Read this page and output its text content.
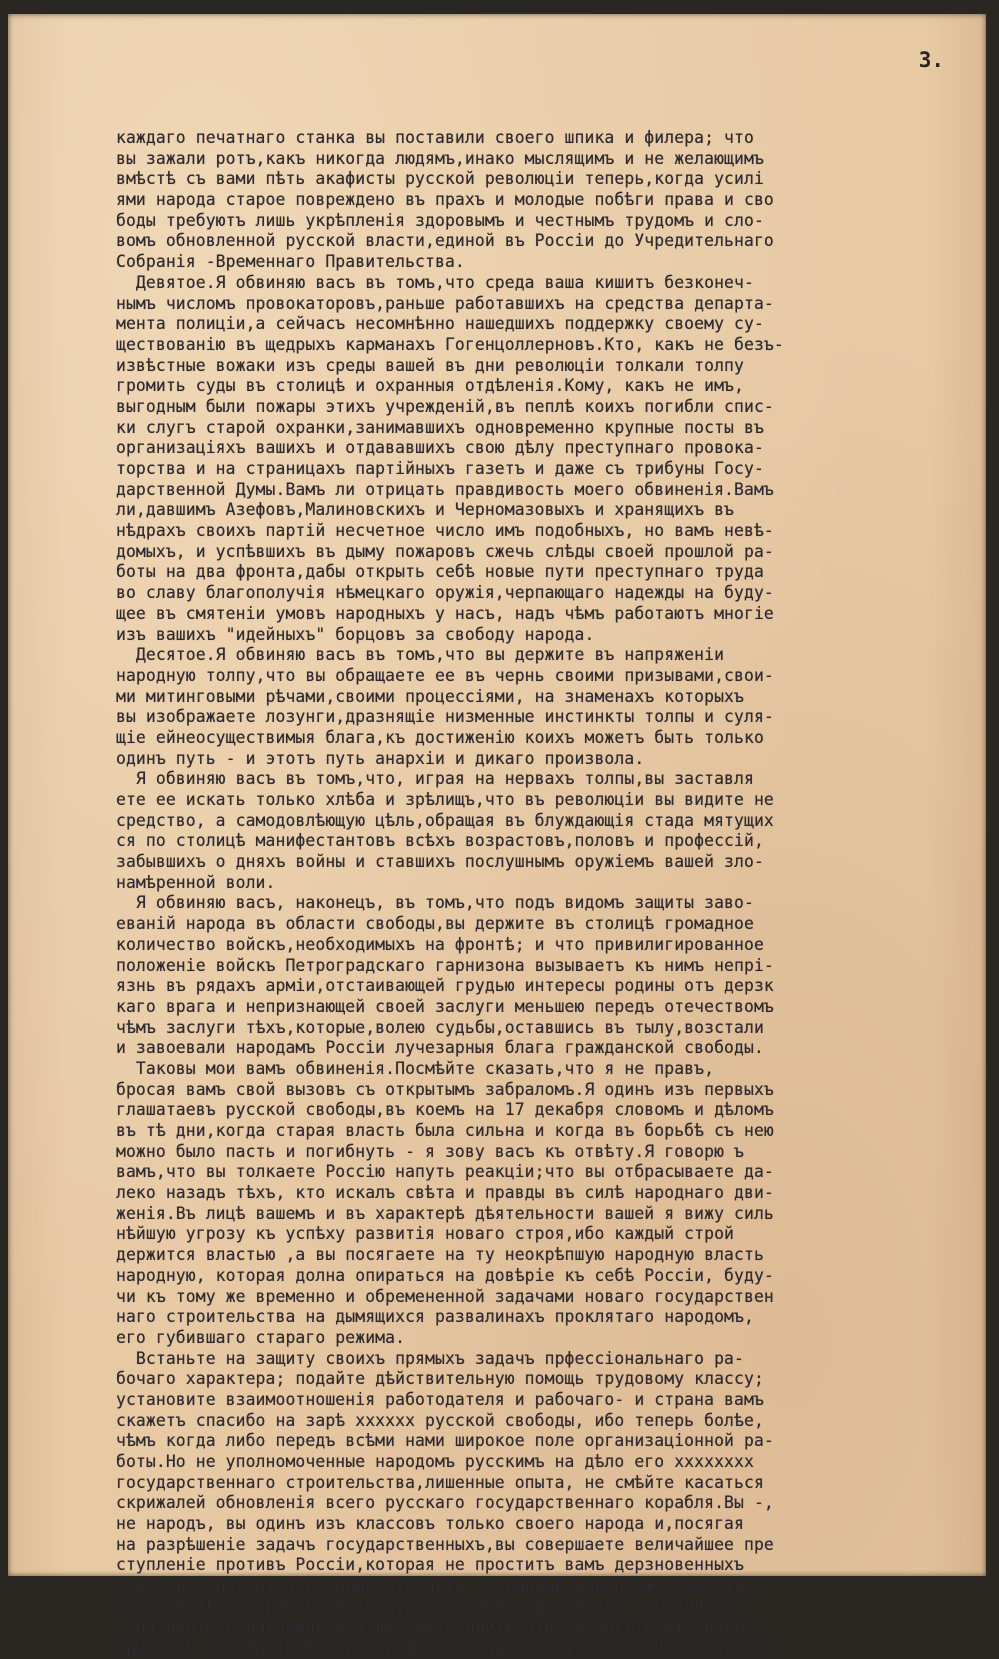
3.
каждаго печатнаго станка вы поставили своего шпика и филера; что
вы зажали ротъ,какъ никогда людямъ,инако мыслящимъ и не желающимъ
вмѣстѣ съ вами пѣть акафисты русской революцiи теперь,когда усилi
ями народа старое повреждено въ прахъ и молодые побѣги права и сво
боды требуютъ лишь укрѣпленiя здоровымъ и честнымъ трудомъ и сло-
вомъ обновленной русской власти,единой въ Россiи до Учредительнаго
Собранiя -Временнаго Правительства.
Девятое.Я обвиняю васъ въ томъ,что среда ваша кишитъ безконеч-
нымъ числомъ провокаторовъ,раньше работавшихъ на средства департа-
мента полицiи,а сейчасъ несомнѣнно нашедшихъ поддержку своему су-
ществованiю въ щедрыхъ карманахъ Гогенцоллерновъ.Кто, какъ не безъ-
извѣстные вожаки изъ среды вашей въ дни революцiи толкали толпу
громить суды въ столицѣ и охранныя отдѣленiя.Кому, какъ не имъ,
выгодным были пожары этихъ учрежденiй,въ пеплѣ коихъ погибли спис-
ки слугъ старой охранки,занимавшихъ одновременно крупные посты въ
организацiяхъ вашихъ и отдававшихъ свою дѣлу преступнаго провока-
торства и на страницахъ партiйныхъ газетъ и даже съ трибуны Госу-
дарственной Думы.Вамъ ли отрицать правдивость моего обвиненiя.Вамъ
ли,давшимъ Азефовъ,Малиновскихъ и Черномазовыхъ и хранящихъ въ
нѣдрахъ своихъ партiй несчетное число имъ подобныхъ, но вамъ невѣ-
домыхъ, и успѣвшихъ въ дыму пожаровъ сжечь слѣды своей прошлой ра-
боты на два фронта,дабы открыть себѣ новые пути преступнаго труда
во славу благополучiя нѣмецкаго оружiя,черпающаго надежды на буду-
щее въ смятенiи умовъ народныхъ у насъ, надъ чѣмъ работаютъ многiе
изъ вашихъ "идейныхъ" борцовъ за свободу народа.
Десятое.Я обвиняю васъ въ томъ,что вы держите въ напряженiи
народную толпу,что вы обращаете ее въ чернь своими призывами,свои-
ми митинговыми рѣчами,своими процессiями, на знаменахъ которыхъ
вы изображаете лозунги,дразнящiе низменные инстинкты толпы и суля-
щiе ейнеосуществимыя блага,къ достиженiю коихъ можетъ быть только
одинъ путь - и этотъ путь анархiи и дикаго произвола.
Я обвиняю васъ въ томъ,что, играя на нервахъ толпы,вы заставля
ете ее искать только хлѣба и зрѣлищъ,что въ революцiи вы видите не
средство, а самодовлѣющую цѣль,обращая въ блуждающiя стада мятущих
ся по столицѣ манифестантовъ всѣхъ возрастовъ,половъ и профессiй,
забывшихъ о дняхъ войны и ставшихъ послушнымъ оружiемъ вашей зло-
намѣренной воли.
Я обвиняю васъ, наконецъ, въ томъ,что подъ видомъ защиты заво-
еванiй народа въ области свободы,вы держите въ столицѣ громадное
количество войскъ,необходимыхъ на фронтѣ; и что привилигированное
положенiе войскъ Петроградскаго гарнизона вызываетъ къ нимъ непрi-
язнь въ рядахъ армiи,отстаивающей грудью интересы родины отъ дерзк
каго врага и непризнающей своей заслуги меньшею передъ отечествомъ
чѣмъ заслуги тѣхъ,которые,волею судьбы,оставшись въ тылу,возстали
и завоевали народамъ Россiи лучезарныя блага гражданской свободы.
Таковы мои вамъ обвиненiя.Посмѣйте сказать,что я не правъ,
бросая вамъ свой вызовъ съ открытымъ забраломъ.Я одинъ изъ первыхъ
глашатаевъ русской свободы,въ коемъ на 17 декабря словомъ и дѣломъ
въ тѣ дни,когда старая власть была сильна и когда въ борьбѣ съ нею
можно было пасть и погибнуть - я зову васъ къ отвѣту.Я говорю ъ
вамъ,что вы толкаете Россiю напуть реакцiи;что вы отбрасываете да-
леко назадъ тѣхъ, кто искалъ свѣта и правды въ силѣ народнаго дви-
женiя.Въ лицѣ вашемъ и въ характерѣ дѣятельности вашей я вижу силь
нѣйшую угрозу къ успѣху развитiя новаго строя,ибо каждый строй
держится властью ,а вы посягаете на ту неокрѣпшую народную власть
народную, которая долна опираться на довѣрiе къ себѣ Россiи, буду-
чи къ тому же временно и обремененной задачами новаго государствен
наго строительства на дымящихся развалинахъ проклятаго народомъ,
его губившаго стараго режима.
Встаньте на защиту своихъ прямыхъ задачъ прфессiональнаго ра-
бочаго характера; подайте дѣйствительную помощь трудовому классу;
установите взаимоотношенiя работодателя и рабочаго- и страна вамъ
скажетъ спасибо на зарѣ xxxxxx русской свободы, ибо теперь болѣе,
чѣмъ когда либо передъ всѣми нами широкое поле организацiонной ра-
боты.Но не уполномоченные народомъ русскимъ на дѣло его xxxxxxxx
государственнаго строительства,лишенные опыта, не смѣйте касаться
скрижалей обновленiя всего русскаго государственнаго корабля.Вы -,
не народъ, вы одинъ изъ классовъ только своего народа и,посягая
на разрѣшенiе задачъ государственныхъ,вы совершаете величайшее пре
ступленiе противъ Россiи,которая не проститъ вамъ дерзновенныхъ
покушенiй на захватъ кормила власти, и раньше или позже смететъ
васъ съ тѣхъ горныхъ мѣстъ,куда вы такъ дерзновенно забрались.
Назовитесь,наконецъ,кто вы такiе.Дайте отвѣтъ Россiи,кто васъ
призвалъ къ власти.Какова профессiя ваша.Кто уполномочилъ васъ,на-
